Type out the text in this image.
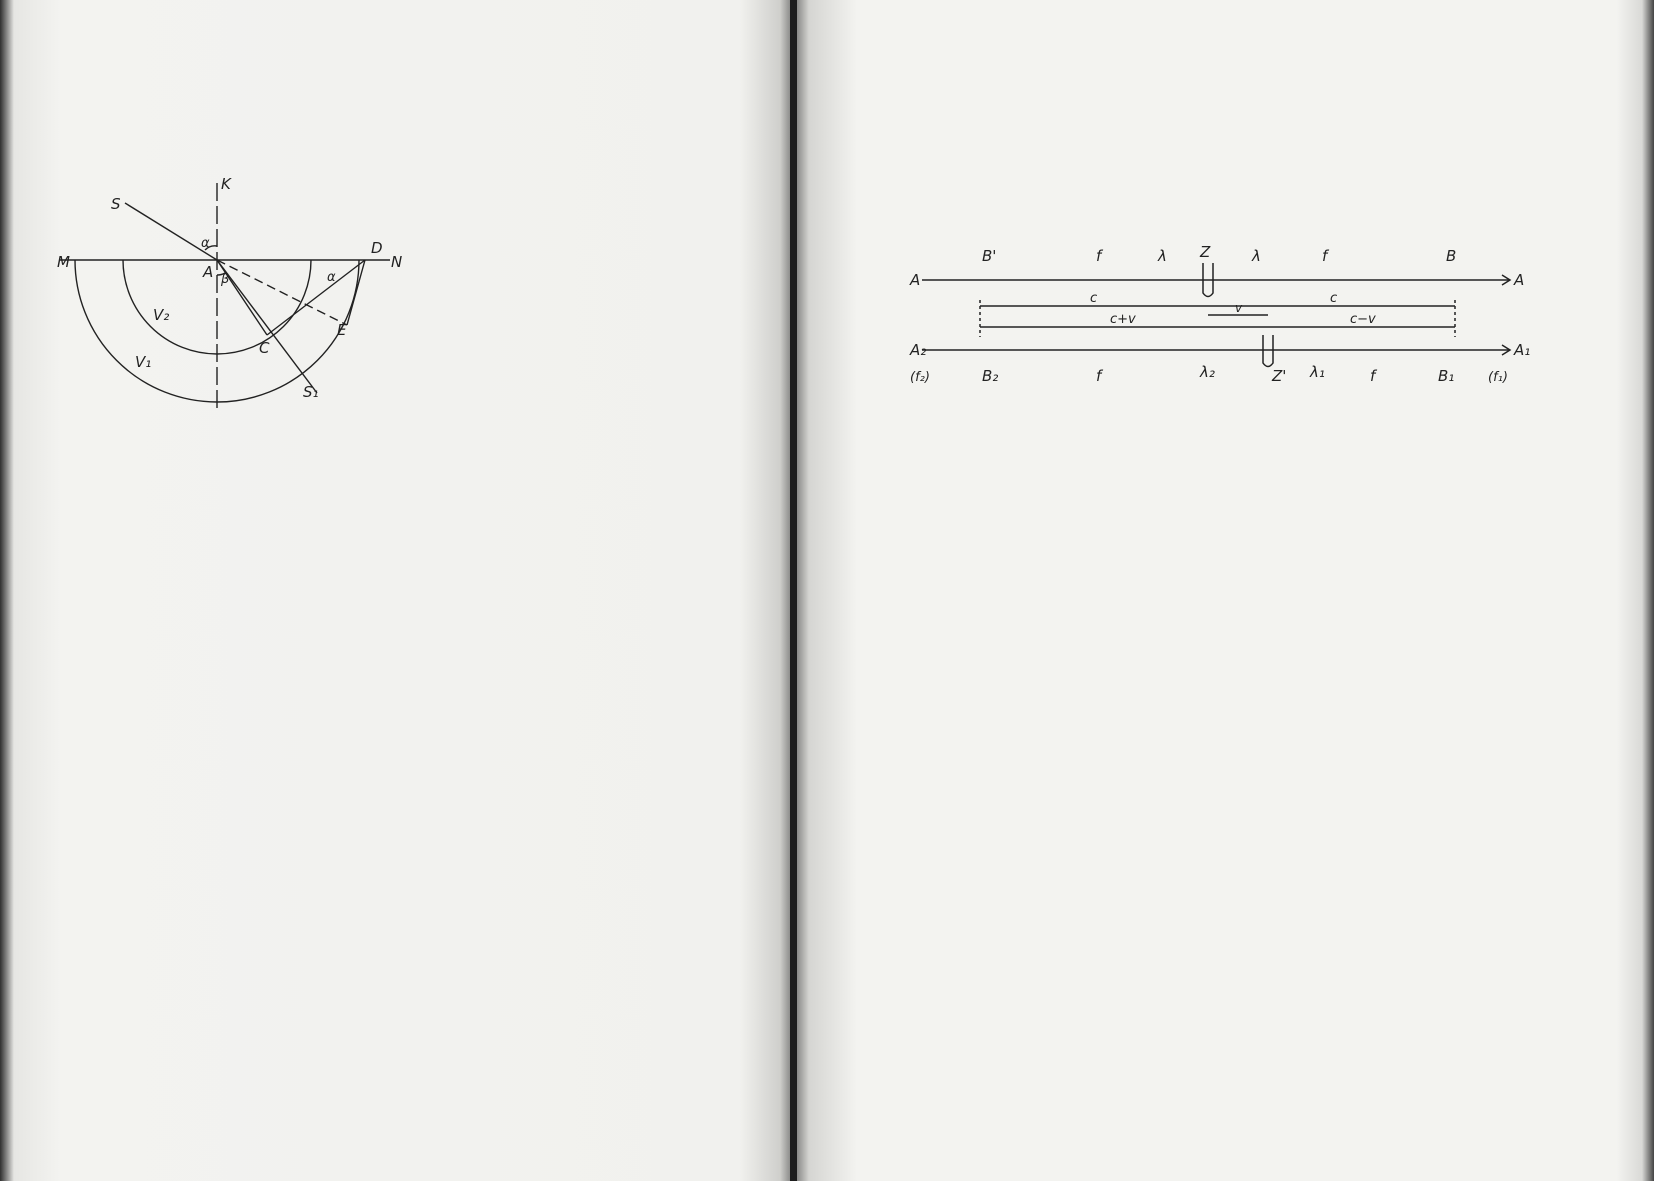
S
K
M
A
D
N
α
β	α
V₂
V₁
C
E
S₁
A
B'	f	λ Z	λ	f	B
A
c	c
v
c+v	c−v
A₂	A₁
(f₂)	B₂	f	λ₂	Z' λ₁	f	B₁	(f₁)
